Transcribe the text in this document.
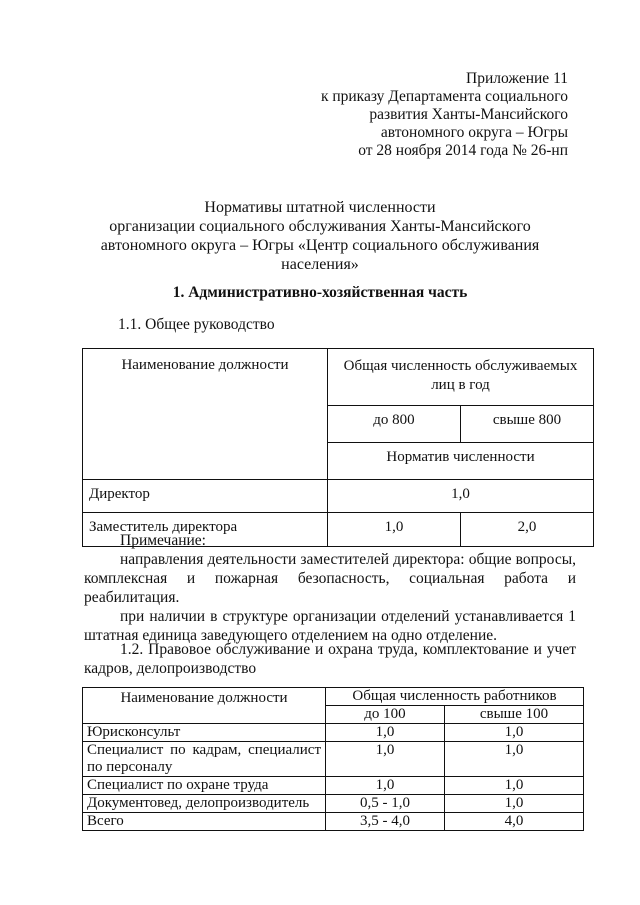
Приложение 11
к приказу Департамента социального
развития Ханты-Мансийского
автономного округа – Югры
от 28 ноября 2014 года № 26-нп
Нормативы штатной численности
организации социального обслуживания Ханты-Мансийского
автономного округа – Югры «Центр социального обслуживания
населения»
1. Административно-хозяйственная часть
1.1. Общее руководство
Наименование должности	Общая численность обслуживаемых лиц в год	
	до 800	свыше 800
	Норматив численности	
Директор	1,0	
Заместитель директора	1,0	2,0
Примечание:
направления деятельности заместителей директора: общие вопросы, комплексная и пожарная безопасность, социальная работа и реабилитация.
при наличии в структуре организации отделений устанавливается 1 штатная единица заведующего отделением на одно отделение.
1.2. Правовое обслуживание и охрана труда, комплектование и учет кадров, делопроизводство
Наименование должности	Общая численность работников	
	до 100	свыше 100
Юрисконсульт	1,0	1,0
Специалист по кадрам, специалист по персоналу	1,0	1,0
Специалист по охране труда	1,0	1,0
Документовед, делопроизводитель	0,5 - 1,0	1,0
Всего	3,5 - 4,0	4,0
